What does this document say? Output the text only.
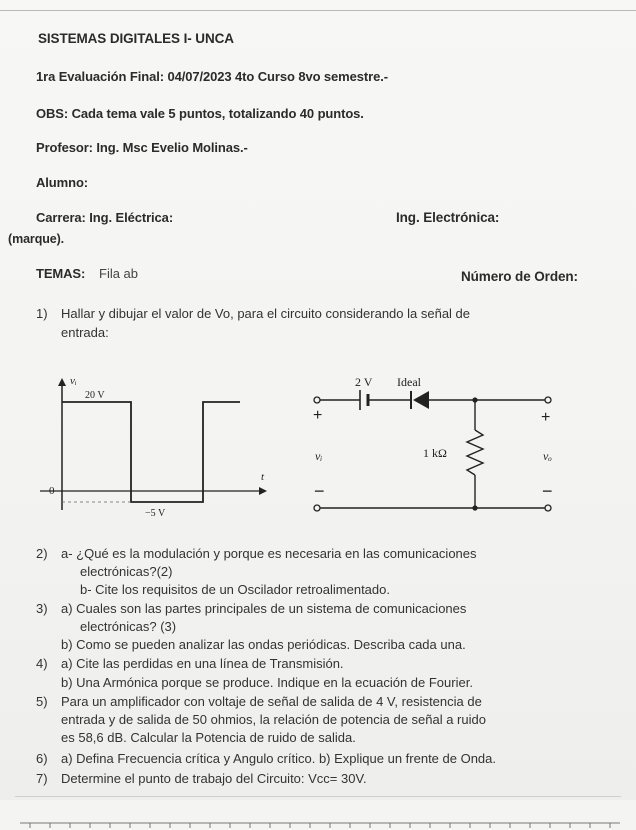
SISTEMAS DIGITALES I- UNCA
1ra Evaluación Final: 04/07/2023 4to Curso 8vo semestre.-
OBS: Cada tema vale 5 puntos, totalizando 40 puntos.
Profesor: Ing. Msc Evelio Molinas.-
Alumno:
Carrera: Ing. Eléctrica:	Ing. Electrónica:
(marque).
TEMAS: Fila ab	Número de Orden:
1) Hallar y dibujar el valor de Vo, para el circuito considerando la señal de
entrada:
vᵢ
20 V
−5 V
0
t
2 V Ideal
1 kΩ
+
vᵢ
−
+
vₒ
−
2) a- ¿Qué es la modulación y porque es necesaria en las comunicaciones
electrónicas?(2)
b- Cite los requisitos de un Oscilador retroalimentado.
3) a) Cuales son las partes principales de un sistema de comunicaciones
electrónicas? (3)
b) Como se pueden analizar las ondas periódicas. Describa cada una.
4) a) Cite las perdidas en una línea de Transmisión.
b) Una Armónica porque se produce. Indique en la ecuación de Fourier.
5) Para un amplificador con voltaje de señal de salida de 4 V, resistencia de
entrada y de salida de 50 ohmios, la relación de potencia de señal a ruido
es 58,6 dB. Calcular la Potencia de ruido de salida.
6) a) Defina Frecuencia crítica y Angulo crítico. b) Explique un frente de Onda.
7) Determine el punto de trabajo del Circuito: Vcc= 30V.
